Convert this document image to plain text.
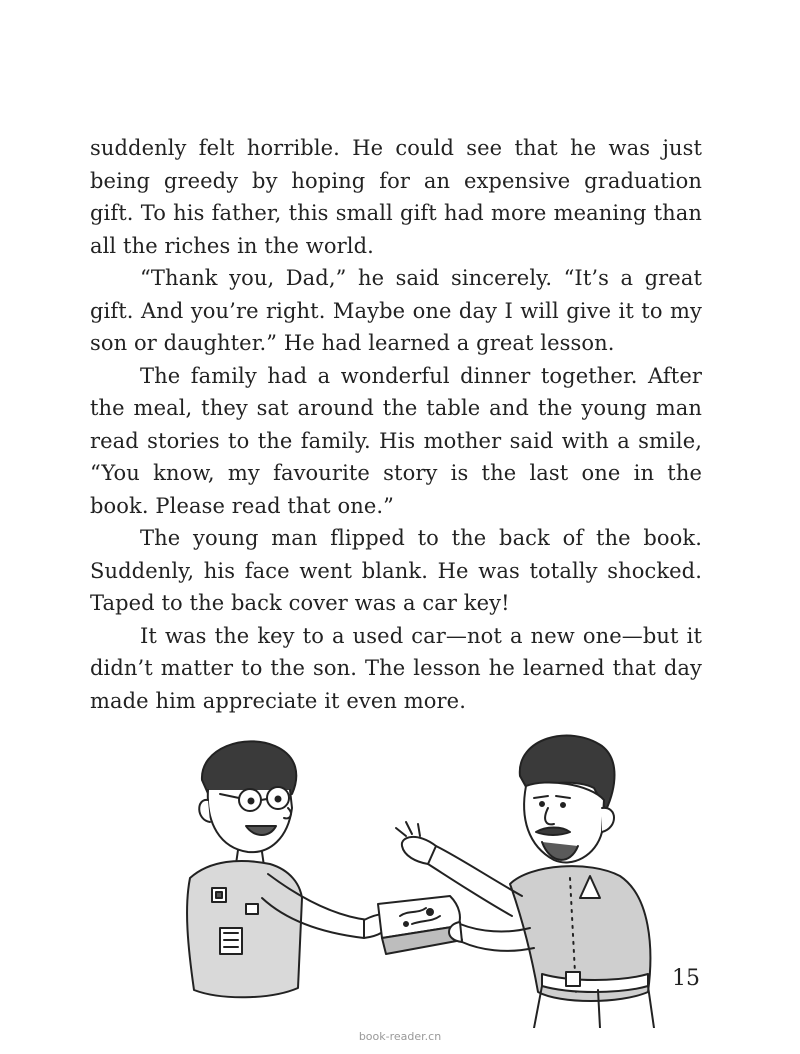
suddenly felt horrible. He could see that he was just being greedy by hoping for an expensive graduation gift. To his father, this small gift had more meaning than all the riches in the world.

“Thank you, Dad,” he said sincerely. “It’s a great gift. And you’re right. Maybe one day I will give it to my son or daughter.” He had learned a great lesson.

The family had a wonderful dinner together. After the meal, they sat around the table and the young man read stories to the family. His mother said with a smile, “You know, my favourite story is the last one in the book. Please read that one.”

The young man flipped to the back of the book. Suddenly, his face went blank. He was totally shocked. Taped to the back cover was a car key!

It was the key to a used car—not a new one—but it didn’t matter to the son. The lesson he learned that day made him appreciate it even more.

15
book-reader.cn
